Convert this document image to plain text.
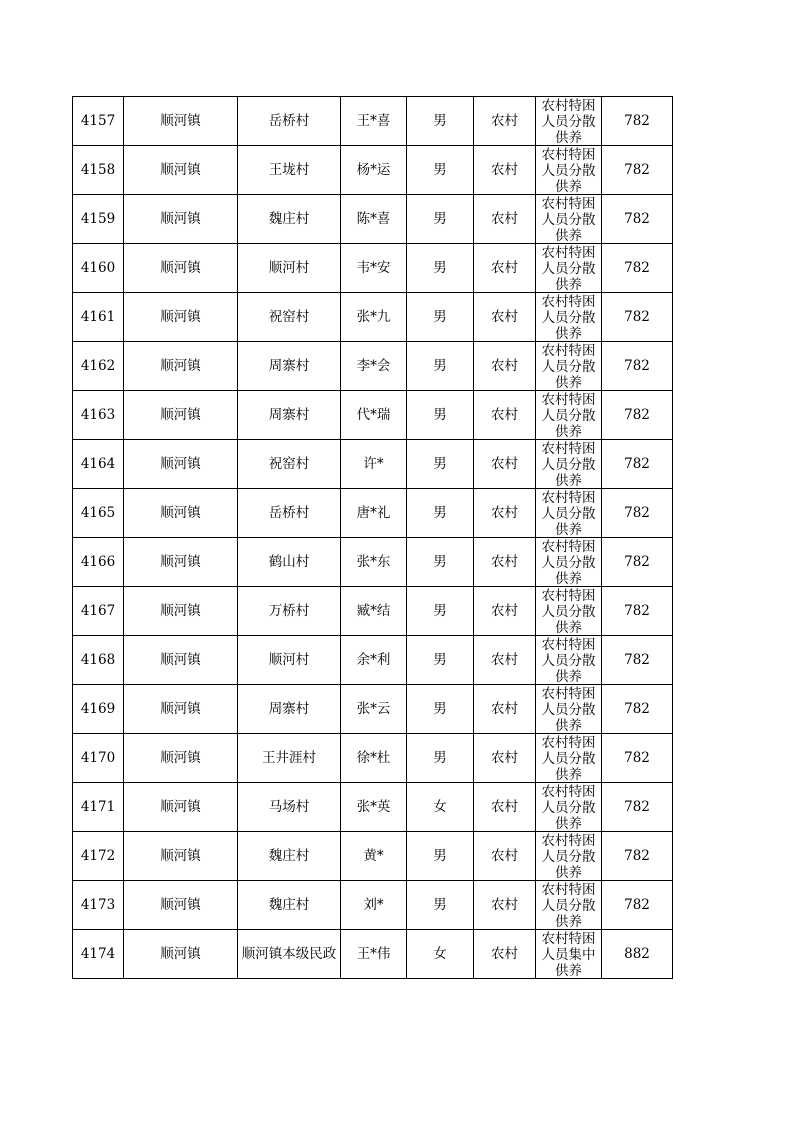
4157	顺河镇	岳桥村	王*喜	男	农村	农村特困人员分散供养	782
4158	顺河镇	王垅村	杨*运	男	农村	农村特困人员分散供养	782
4159	顺河镇	魏庄村	陈*喜	男	农村	农村特困人员分散供养	782
4160	顺河镇	顺河村	韦*安	男	农村	农村特困人员分散供养	782
4161	顺河镇	祝窑村	张*九	男	农村	农村特困人员分散供养	782
4162	顺河镇	周寨村	李*会	男	农村	农村特困人员分散供养	782
4163	顺河镇	周寨村	代*瑞	男	农村	农村特困人员分散供养	782
4164	顺河镇	祝窑村	许*	男	农村	农村特困人员分散供养	782
4165	顺河镇	岳桥村	唐*礼	男	农村	农村特困人员分散供养	782
4166	顺河镇	鹤山村	张*东	男	农村	农村特困人员分散供养	782
4167	顺河镇	万桥村	臧*结	男	农村	农村特困人员分散供养	782
4168	顺河镇	顺河村	余*利	男	农村	农村特困人员分散供养	782
4169	顺河镇	周寨村	张*云	男	农村	农村特困人员分散供养	782
4170	顺河镇	王井涯村	徐*杜	男	农村	农村特困人员分散供养	782
4171	顺河镇	马场村	张*英	女	农村	农村特困人员分散供养	782
4172	顺河镇	魏庄村	黄*	男	农村	农村特困人员分散供养	782
4173	顺河镇	魏庄村	刘*	男	农村	农村特困人员分散供养	782
4174	顺河镇	顺河镇本级民政	王*伟	女	农村	农村特困人员集中供养	882
